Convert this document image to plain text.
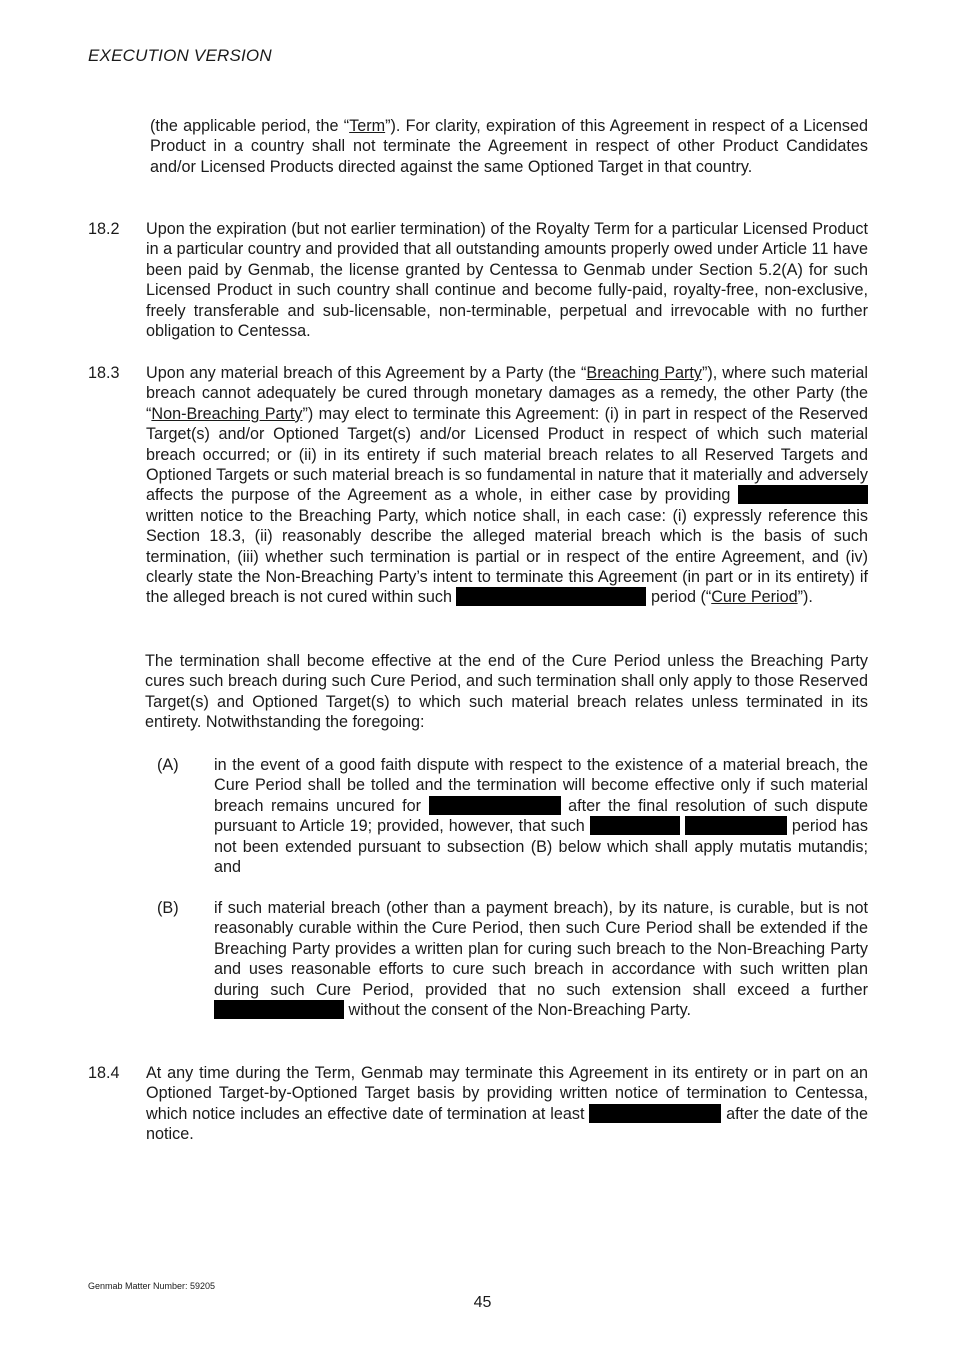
EXECUTION VERSION
(the applicable period, the “Term”). For clarity, expiration of this Agreement in respect of a Licensed Product in a country shall not terminate the Agreement in respect of other Product Candidates and/or Licensed Products directed against the same Optioned Target in that country.
18.2 Upon the expiration (but not earlier termination) of the Royalty Term for a particular Licensed Product in a particular country and provided that all outstanding amounts properly owed under Article 11 have been paid by Genmab, the license granted by Centessa to Genmab under Section 5.2(A) for such Licensed Product in such country shall continue and become fully-paid, royalty-free, non-exclusive, freely transferable and sub-licensable, non-terminable, perpetual and irrevocable with no further obligation to Centessa.
18.3 Upon any material breach of this Agreement by a Party (the “Breaching Party”), where such material breach cannot adequately be cured through monetary damages as a remedy, the other Party (the “Non-Breaching Party”) may elect to terminate this Agreement: (i) in part in respect of the Reserved Target(s) and/or Optioned Target(s) and/or Licensed Product in respect of which such material breach occurred; or (ii) in its entirety if such material breach relates to all Reserved Targets and Optioned Targets or such material breach is so fundamental in nature that it materially and adversely affects the purpose of the Agreement as a whole, in either case by providing  written notice to the Breaching Party, which notice shall, in each case: (i) expressly reference this Section 18.3, (ii) reasonably describe the alleged material breach which is the basis of such termination, (iii) whether such termination is partial or in respect of the entire Agreement, and (iv) clearly state the Non-Breaching Party’s intent to terminate this Agreement (in part or in its entirety) if the alleged breach is not cured within such	period (“Cure Period”).
The termination shall become effective at the end of the Cure Period unless the Breaching Party cures such breach during such Cure Period, and such termination shall only apply to those Reserved Target(s) and Optioned Target(s) to which such material breach relates unless terminated in its entirety. Notwithstanding the foregoing:
(A) in the event of a good faith dispute with respect to the existence of a material breach, the Cure Period shall be tolled and the termination will become effective only if such material breach remains uncured for	after the final resolution of such dispute pursuant to Article 19; provided, however, that such	period has not been extended pursuant to subsection (B) below which shall apply mutatis mutandis; and
(B) if such material breach (other than a payment breach), by its nature, is curable, but is not reasonably curable within the Cure Period, then such Cure Period shall be extended if the Breaching Party provides a written plan for curing such breach to the Non-Breaching Party and uses reasonable efforts to cure such breach in accordance with such written plan during such Cure Period, provided that no such extension shall exceed a further  without the consent of the Non-Breaching Party.
18.4 At any time during the Term, Genmab may terminate this Agreement in its entirety or in part on an Optioned Target-by-Optioned Target basis by providing written notice of termination to Centessa, which notice includes an effective date of termination at least	after the date of the notice.
Genmab Matter Number: 59205
45
